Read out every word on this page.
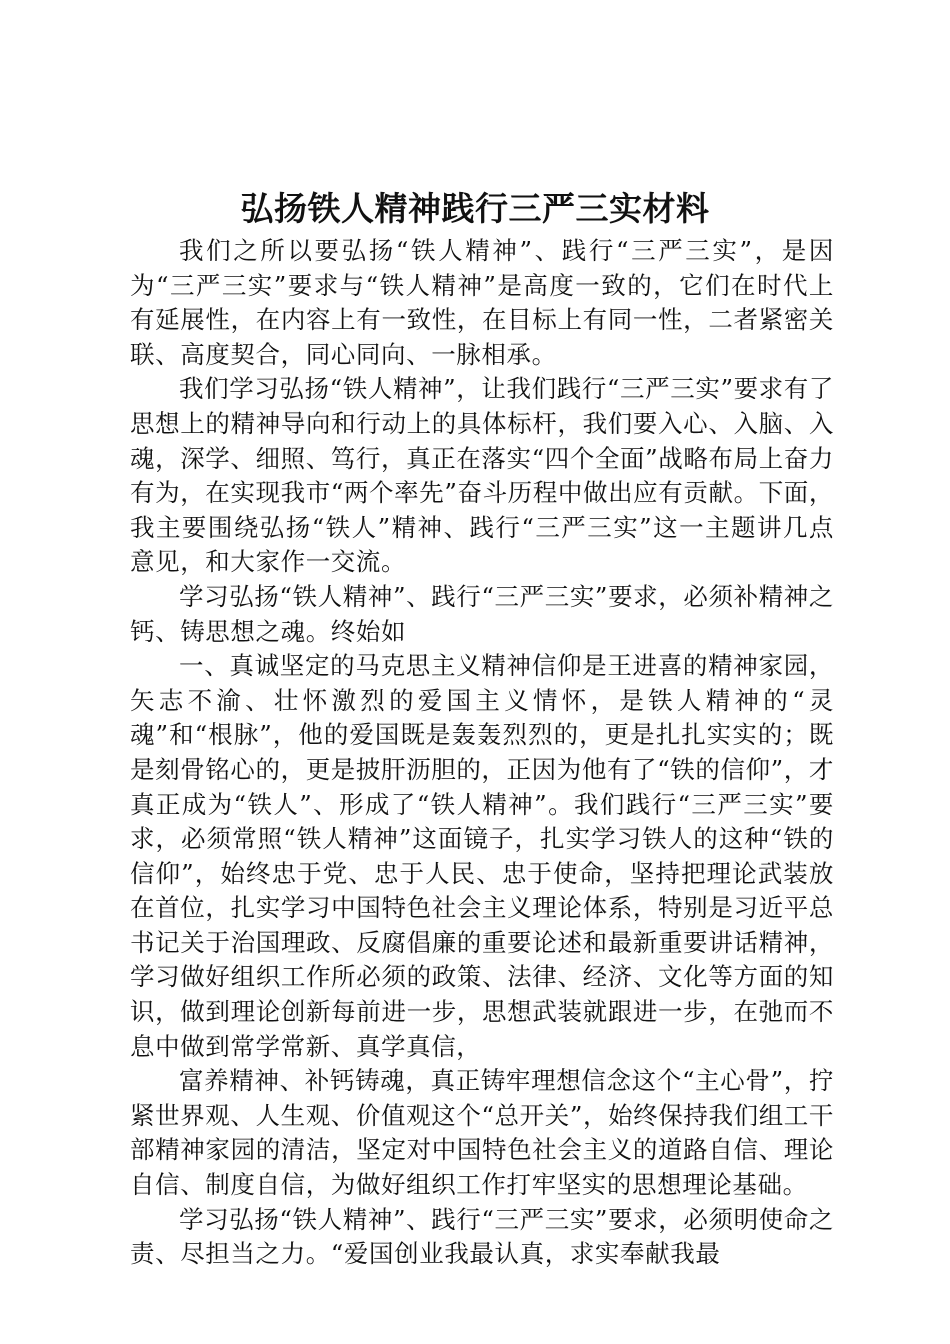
弘扬铁人精神践行三严三实材料

我们之所以要弘扬“铁人精神”、践行“三严三实”，是因为“三严三实”要求与“铁人精神”是高度一致的，它们在时代上有延展性，在内容上有一致性，在目标上有同一性，二者紧密关联、高度契合，同心同向、一脉相承。

我们学习弘扬“铁人精神”，让我们践行“三严三实”要求有了思想上的精神导向和行动上的具体标杆，我们要入心、入脑、入魂，深学、细照、笃行，真正在落实“四个全面”战略布局上奋力有为，在实现我市“两个率先”奋斗历程中做出应有贡献。下面，我主要围绕弘扬“铁人”精神、践行“三严三实”这一主题讲几点意见，和大家作一交流。

学习弘扬“铁人精神”、践行“三严三实”要求，必须补精神之钙、铸思想之魂。终始如

一、真诚坚定的马克思主义精神信仰是王进喜的精神家园，矢志不渝、壮怀激烈的爱国主义情怀，是铁人精神的“灵魂”和“根脉”，他的爱国既是轰轰烈烈的，更是扎扎实实的；既是刻骨铭心的，更是披肝沥胆的，正因为他有了“铁的信仰”，才真正成为“铁人”、形成了“铁人精神”。我们践行“三严三实”要求，必须常照“铁人精神”这面镜子，扎实学习铁人的这种“铁的信仰”，始终忠于党、忠于人民、忠于使命，坚持把理论武装放在首位，扎实学习中国特色社会主义理论体系，特别是习近平总书记关于治国理政、反腐倡廉的重要论述和最新重要讲话精神，学习做好组织工作所必须的政策、法律、经济、文化等方面的知识，做到理论创新每前进一步，思想武装就跟进一步，在弛而不息中做到常学常新、真学真信，

富养精神、补钙铸魂，真正铸牢理想信念这个“主心骨”，拧紧世界观、人生观、价值观这个“总开关”，始终保持我们组工干部精神家园的清洁，坚定对中国特色社会主义的道路自信、理论自信、制度自信，为做好组织工作打牢坚实的思想理论基础。

学习弘扬“铁人精神”、践行“三严三实”要求，必须明使命之责、尽担当之力。“爱国创业我最认真，求实奉献我最
